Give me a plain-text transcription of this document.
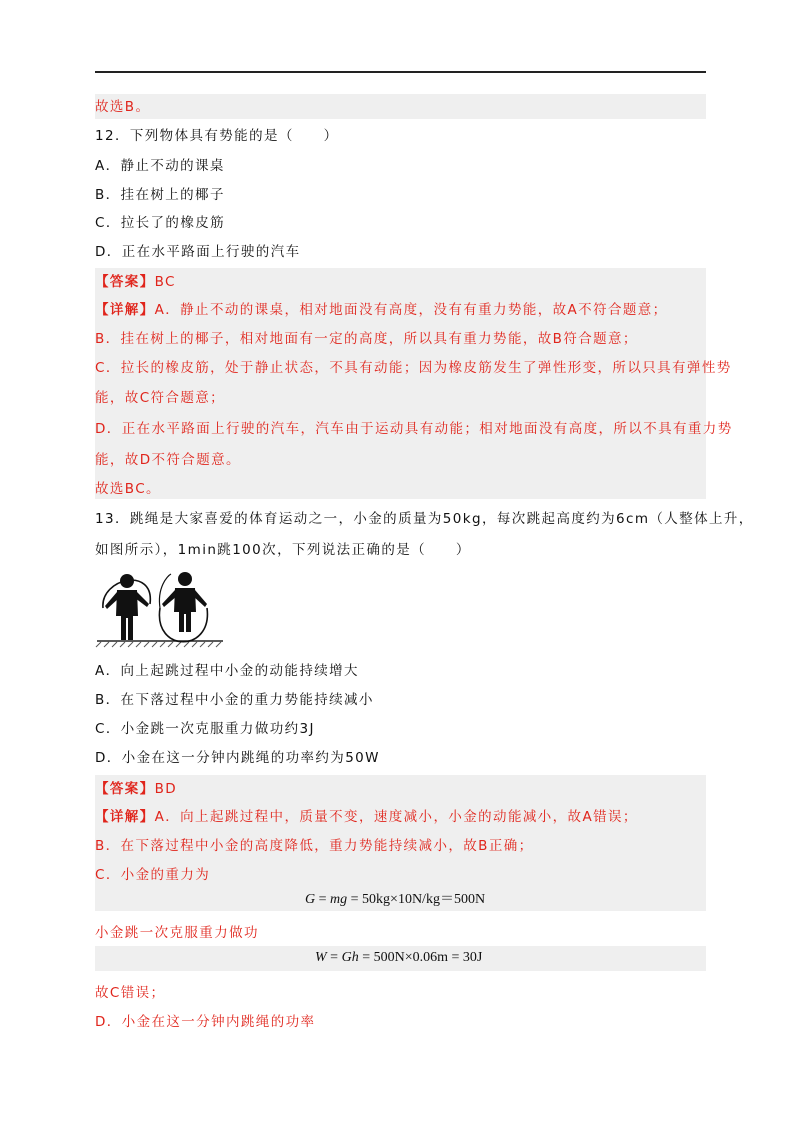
故选B。
12．下列物体具有势能的是（　　）
A．静止不动的课桌
B．挂在树上的椰子
C．拉长了的橡皮筋
D．正在水平路面上行驶的汽车
【答案】BC
【详解】A．静止不动的课桌，相对地面没有高度，没有有重力势能，故A不符合题意；
B．挂在树上的椰子，相对地面有一定的高度，所以具有重力势能，故B符合题意；
C．拉长的橡皮筋，处于静止状态，不具有动能；因为橡皮筋发生了弹性形变，所以只具有弹性势
能，故C符合题意；
D．正在水平路面上行驶的汽车，汽车由于运动具有动能；相对地面没有高度，所以不具有重力势
能，故D不符合题意。
故选BC。
13．跳绳是大家喜爱的体育运动之一，小金的质量为50kg，每次跳起高度约为6cm（人整体上升，
如图所示），1min跳100次，下列说法正确的是（　　）
A．向上起跳过程中小金的动能持续增大
B．在下落过程中小金的重力势能持续减小
C．小金跳一次克服重力做功约3J
D．小金在这一分钟内跳绳的功率约为50W
【答案】BD
【详解】A．向上起跳过程中，质量不变，速度减小，小金的动能减小，故A错误；
B．在下落过程中小金的高度降低，重力势能持续减小，故B正确；
C．小金的重力为
G = mg = 50kg×10N/kg＝500N
小金跳一次克服重力做功
W = Gh = 500N×0.06m = 30J
故C错误；
D．小金在这一分钟内跳绳的功率
